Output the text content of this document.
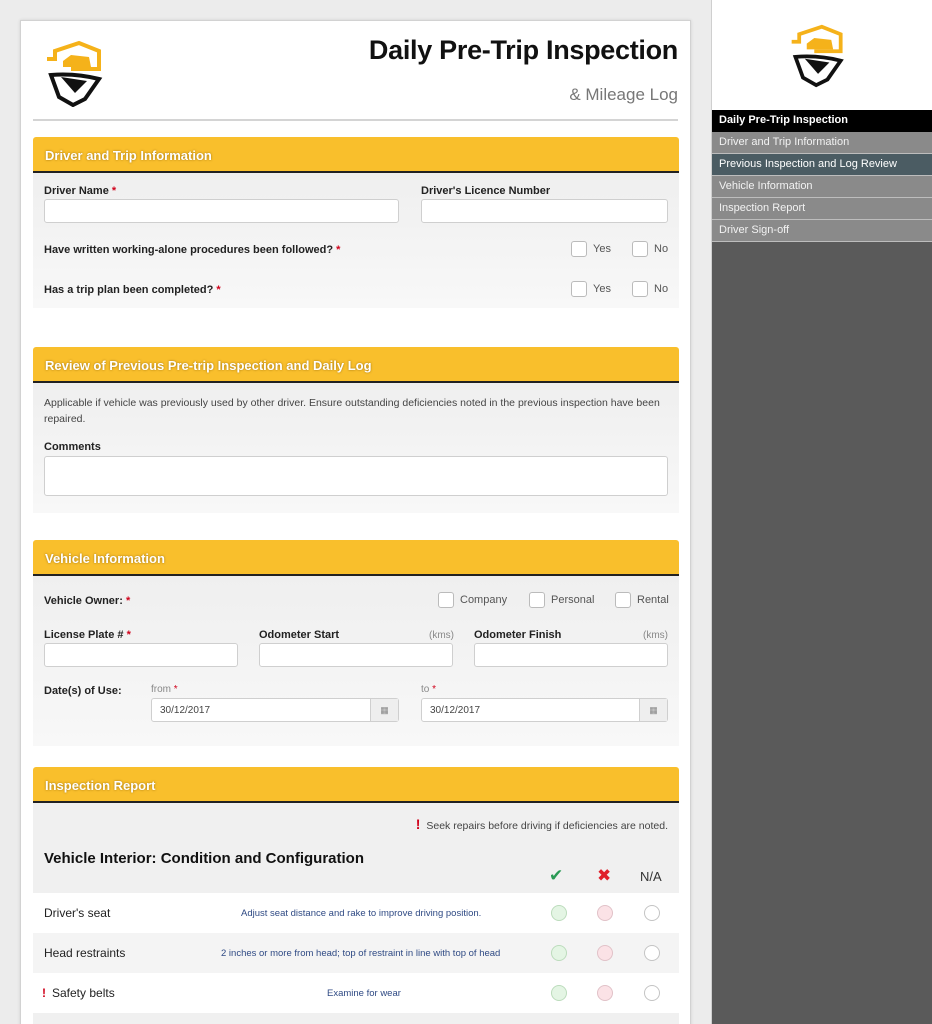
Daily Pre-Trip Inspection
& Mileage Log
Driver and Trip Information
Driver Name *	Driver's Licence Number
Have written working-alone procedures been followed? *	Yes	No
Has a trip plan been completed? *	Yes	No
Review of Previous Pre-trip Inspection and Daily Log
Applicable if vehicle was previously used by other driver. Ensure outstanding deficiencies noted in the previous inspection have been repaired.
Comments
Vehicle Information
Vehicle Owner: *	Company	Personal	Rental
License Plate # *	Odometer Start	(kms) Odometer Finish	(kms)
Date(s) of Use:	from *
30/12/2017	▦
to *
30/12/2017	▦
Inspection Report
! Seek repairs before driving if deficiencies are noted.
Vehicle Interior: Condition and Configuration
✔ ✖ N/A
Driver's seat	Adjust seat distance and rake to improve driving position.
Head restraints	2 inches or more from head; top of restraint in line with top of head
! Safety belts	Examine for wear
Daily Pre-Trip Inspection
Driver and Trip Information
Previous Inspection and Log Review
Vehicle Information
Inspection Report
Driver Sign-off
